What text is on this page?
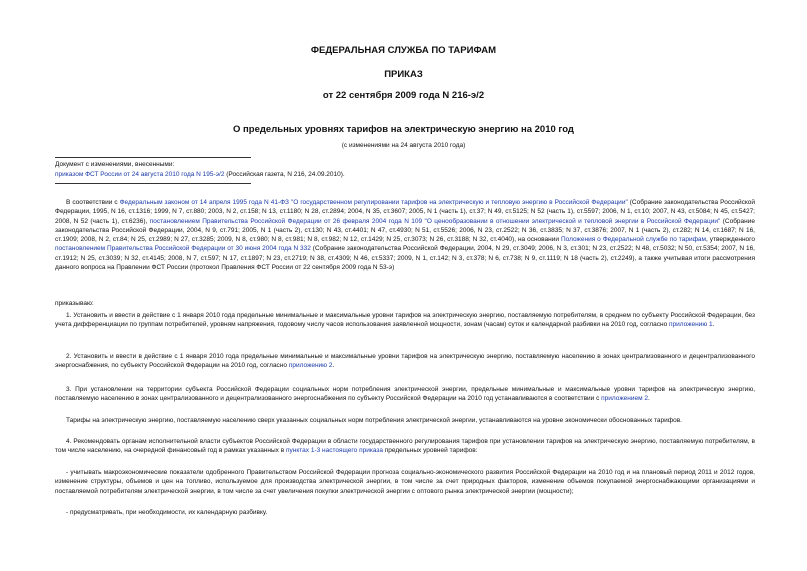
ФЕДЕРАЛЬНАЯ СЛУЖБА ПО ТАРИФАМ
ПРИКАЗ
от 22 сентября 2009 года N 216-э/2
О предельных уровнях тарифов на электрическую энергию на 2010 год
(с изменениями на 24 августа 2010 года)
Документ с изменениями, внесенными:
приказом ФСТ России от 24 августа 2010 года N 195-э/2 (Российская газета, N 216, 24.09.2010).

В соответствии с Федеральным законом от 14 апреля 1995 года N 41-ФЗ "О государственном регулировании тарифов на электрическую и тепловую энергию в Российской Федерации" (Собрание законодательства Российской Федерации, 1995, N 16, ст.1316; 1999, N 7, ст.880; 2003, N 2, ст.158; N 13, ст.1180; N 28, ст.2894; 2004, N 35, ст.3607; 2005, N 1 (часть 1), ст.37; N 49, ст.5125; N 52 (часть 1), ст.5597; 2006, N 1, ст.10; 2007, N 43, ст.5084; N 45, ст.5427; 2008, N 52 (часть 1), ст.6236), постановлением Правительства Российской Федерации от 26 февраля 2004 года N 109 "О ценообразовании в отношении электрической и тепловой энергии в Российской Федерации" (Собрание законодательства Российской Федерации, 2004, N 9, ст.791; 2005, N 1 (часть 2), ст.130; N 43, ст.4401; N 47, ст.4930; N 51, ст.5526; 2006, N 23, ст.2522; N 36, ст.3835; N 37, ст.3876; 2007, N 1 (часть 2), ст.282; N 14, ст.1687; N 16, ст.1909; 2008, N 2, ст.84; N 25, ст.2989; N 27, ст.3285; 2009, N 8, ст.980; N 8, ст.981; N 8, ст.982; N 12, ст.1429; N 25, ст.3073; N 26, ст.3188; N 32, ст.4040), на основании Положения о Федеральной службе по тарифам, утвержденного постановлением Правительства Российской Федерации от 30 июня 2004 года N 332 (Собрание законодательства Российской Федерации, 2004, N 29, ст.3049; 2006, N 3, ст.301; N 23, ст.2522; N 48, ст.5032; N 50, ст.5354; 2007, N 16, ст.1912; N 25, ст.3039; N 32, ст.4145; 2008, N 7, ст.597; N 17, ст.1897; N 23, ст.2719; N 38, ст.4309; N 46, ст.5337; 2009, N 1, ст.142; N 3, ст.378; N 6, ст.738; N 9, ст.1119; N 18 (часть 2), ст.2249), а также учитывая итоги рассмотрения данного вопроса на Правлении ФСТ России (протокол Правления ФСТ России от 22 сентября 2009 года N 53-э)

приказываю:

1. Установить и ввести в действие с 1 января 2010 года предельные минимальные и максимальные уровни тарифов на электрическую энергию, поставляемую потребителям, в среднем по субъекту Российской Федерации, без учета дифференциации по группам потребителей, уровням напряжения, годовому числу часов использования заявленной мощности, зонам (часам) суток и календарной разбивки на 2010 год, согласно приложению 1.

2. Установить и ввести в действие с 1 января 2010 года предельные минимальные и максимальные уровни тарифов на электрическую энергию, поставляемую населению в зонах централизованного и децентрализованного энергоснабжения, по субъекту Российской Федерации на 2010 год, согласно приложению 2.

3. При установлении на территории субъекта Российской Федерации социальных норм потребления электрической энергии, предельные минимальные и максимальные уровни тарифов на электрическую энергию, поставляемую населению в зонах централизованного и децентрализованного энергоснабжения по субъекту Российской Федерации на 2010 год устанавливаются в соответствии с приложением 2.

Тарифы на электрическую энергию, поставляемую населению сверх указанных социальных норм потребления электрической энергии, устанавливаются на уровне экономически обоснованных тарифов.

4. Рекомендовать органам исполнительной власти субъектов Российской Федерации в области государственного регулирования тарифов при установлении тарифов на электрическую энергию, поставляемую потребителям, в том числе населению, на очередной финансовый год в рамках указанных в пунктах 1-3 настоящего приказа предельных уровней тарифов:

- учитывать макроэкономические показатели одобренного Правительством Российской Федерации прогноза социально-экономического развития Российской Федерации на 2010 год и на плановый период 2011 и 2012 годов, изменение структуры, объемов и цен на топливо, используемое для производства электрической энергии, в том числе за счет природных факторов, изменение объемов покупаемой энергоснабжающими организациями и поставляемой потребителям электрической энергии, в том числе за счет увеличения покупки электрической энергии с оптового рынка электрической энергии (мощности);

- предусматривать, при необходимости, их календарную разбивку.
